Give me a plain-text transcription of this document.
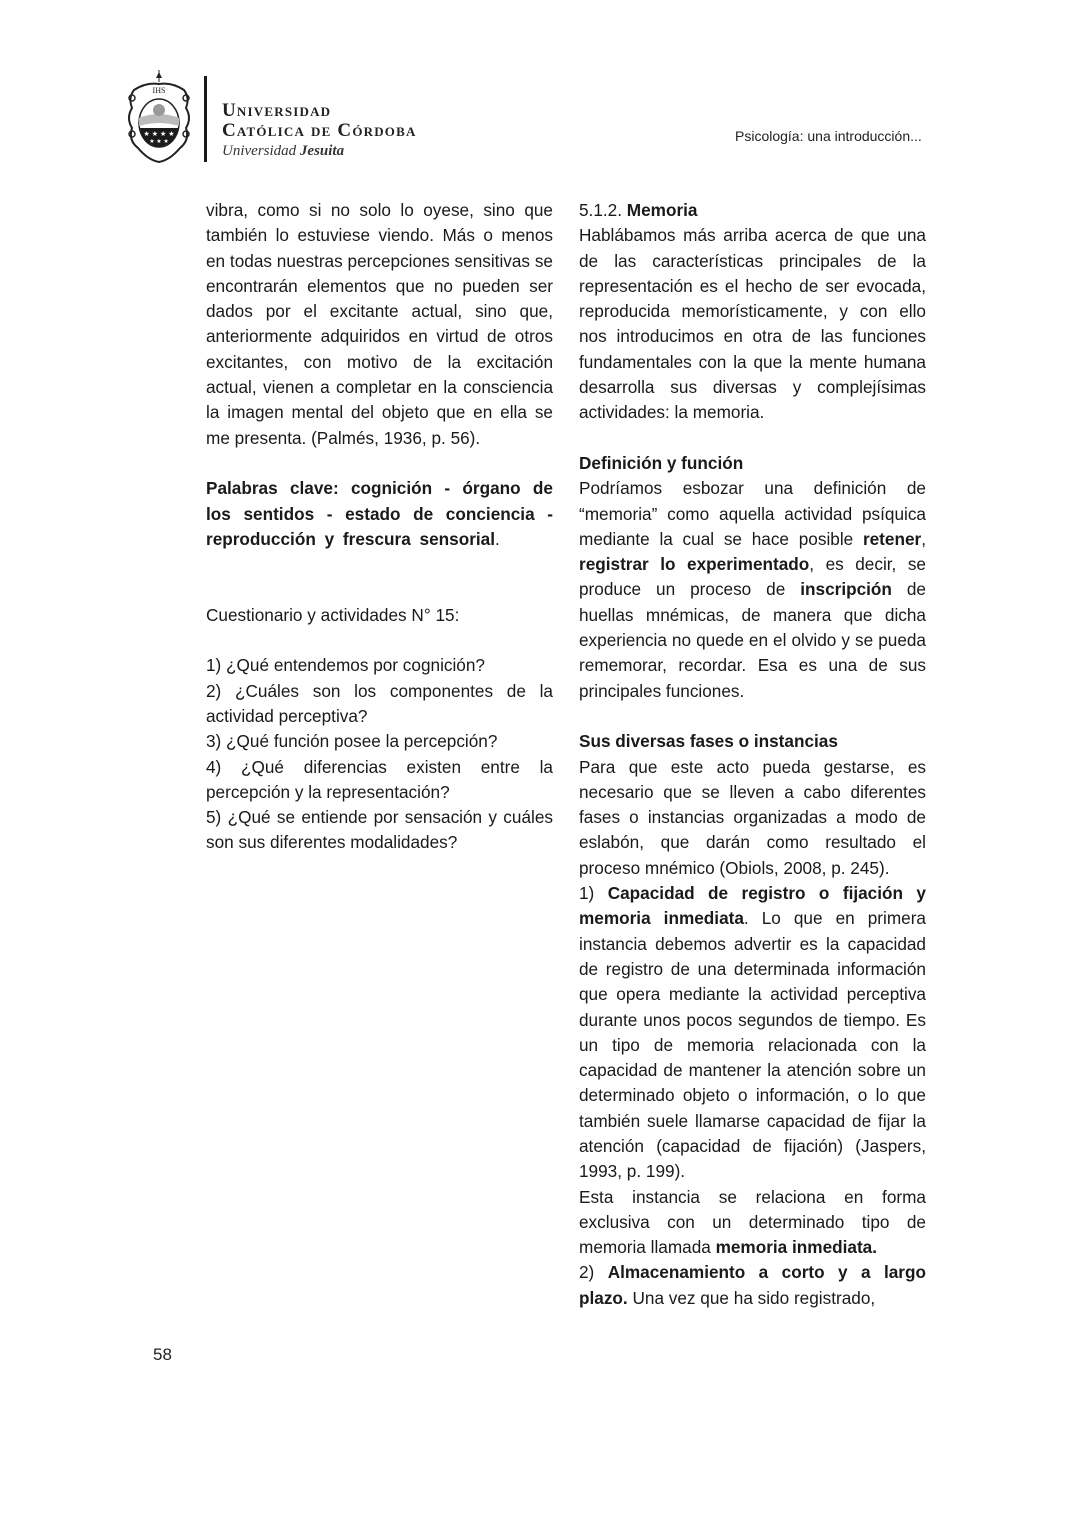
IHS
★ ★ ★ ★
★ ★ ★
Universidad
Católica de Córdoba
Universidad Jesuita
Psicología: una introducción...

vibra, como si no solo lo oyese, sino que también lo estuviese viendo. Más o menos en todas nuestras percepciones sensitivas se encontrarán elementos que no pueden ser dados por el excitante actual, sino que, anteriormente adquiridos en virtud de otros excitantes, con motivo de la excitación actual, vienen a completar en la consciencia la imagen mental del objeto que en ella se me presenta. (Palmés, 1936, p. 56).

Palabras clave: cognición - órgano de los sentidos - estado de conciencia - reproducción y frescura sensorial.

Cuestionario y actividades N° 15:

1) ¿Qué entendemos por cognición?

2) ¿Cuáles son los componentes de la actividad perceptiva?

3) ¿Qué función posee la percepción?

4) ¿Qué diferencias existen entre la percepción y la representación?

5) ¿Qué se entiende por sensación y cuáles son sus diferentes modalidades?

5.1.2. Memoria

Hablábamos más arriba acerca de que una de las características principales de la representación es el hecho de ser evocada, reproducida memorísticamente, y con ello nos introducimos en otra de las funciones fundamentales con la que la mente humana desarrolla sus diversas y complejísimas actividades: la memoria.

Definición y función

Podríamos esbozar una definición de “memoria” como aquella actividad psíquica mediante la cual se hace posible retener, registrar lo experimentado, es decir, se produce un proceso de inscripción de huellas mnémicas, de manera que dicha experiencia no quede en el olvido y se pueda rememorar, recordar. Esa es una de sus principales funciones.

Sus diversas fases o instancias

Para que este acto pueda gestarse, es necesario que se lleven a cabo diferentes fases o instancias organizadas a modo de eslabón, que darán como resultado el proceso mnémico (Obiols, 2008, p. 245).

1) Capacidad de registro o fijación y memoria inmediata. Lo que en primera instancia debemos advertir es la capacidad de registro de una determinada información que opera mediante la actividad perceptiva durante unos pocos segundos de tiempo. Es un tipo de memoria relacionada con la capacidad de mantener la atención sobre un determinado objeto o información, o lo que también suele llamarse capacidad de fijar la atención (capacidad de fijación) (Jaspers, 1993, p. 199).

Esta instancia se relaciona en forma exclusiva con un determinado tipo de memoria llamada memoria inmediata.

2) Almacenamiento a corto y a largo plazo. Una vez que ha sido registrado,

58
